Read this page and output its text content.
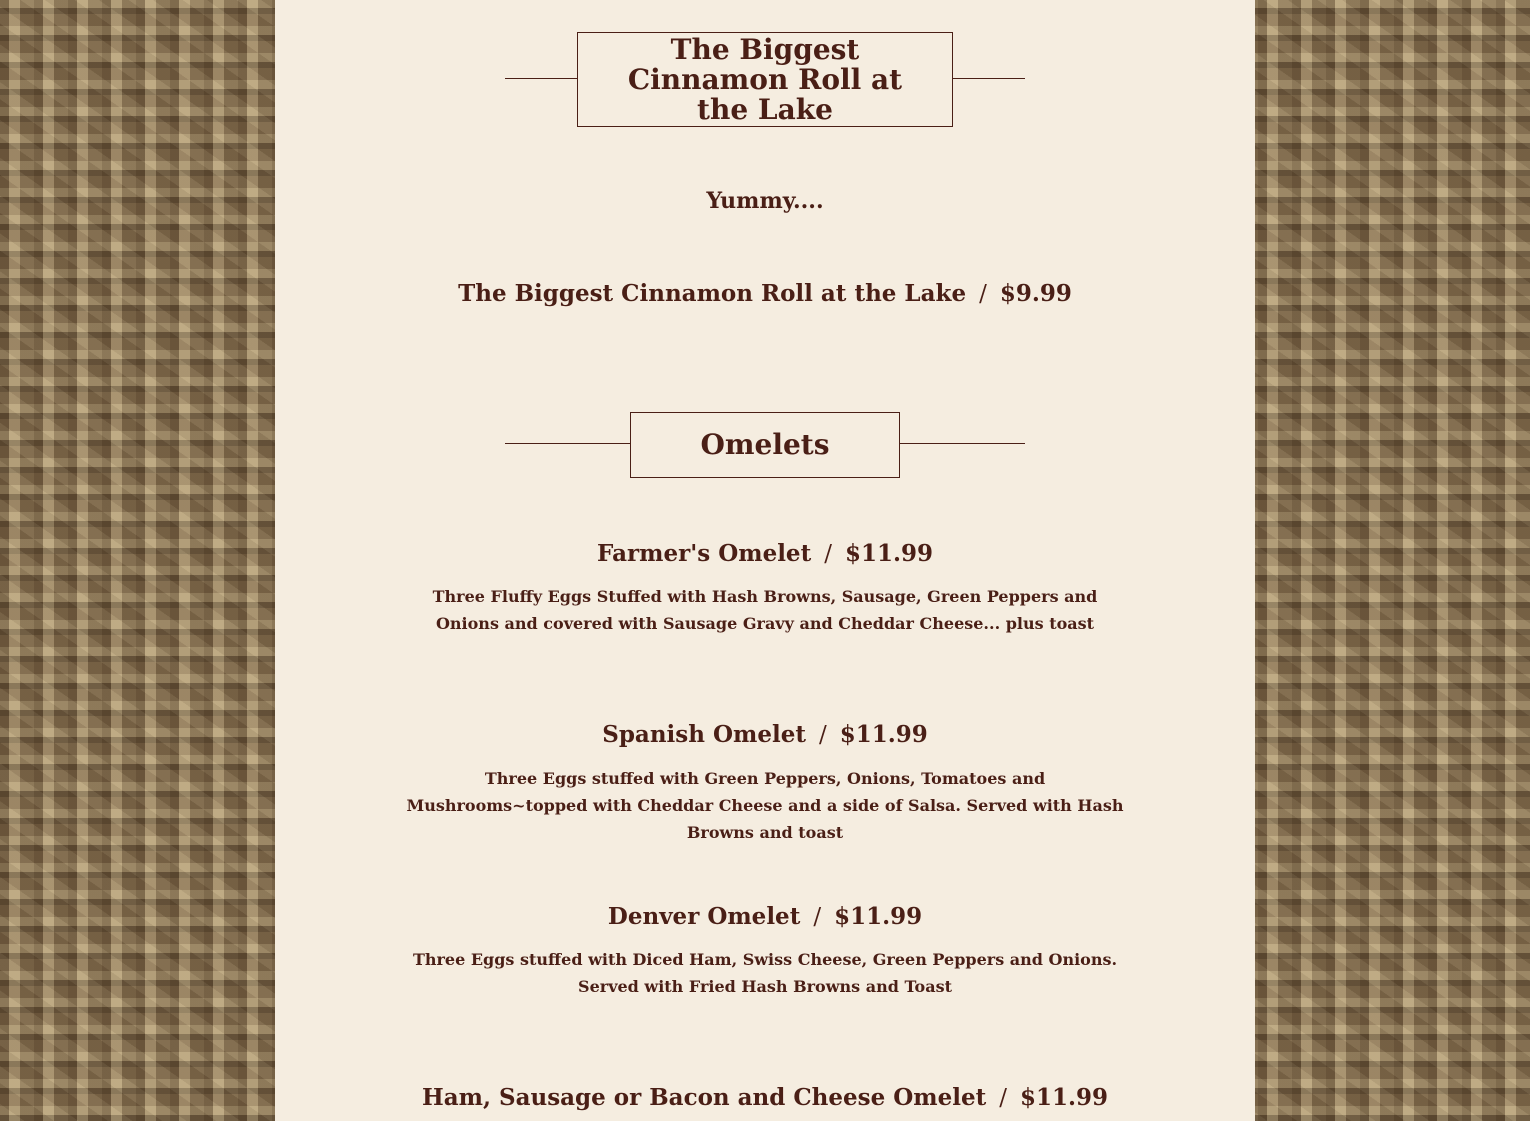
The Biggest Cinnamon Roll at the Lake
Yummy....
The Biggest Cinnamon Roll at the Lake / $9.99
Omelets
Farmer's Omelet / $11.99
Three Fluffy Eggs Stuffed with Hash Browns, Sausage, Green Peppers and Onions and covered with Sausage Gravy and Cheddar Cheese... plus toast
Spanish Omelet / $11.99
Three Eggs stuffed with Green Peppers, Onions, Tomatoes and Mushrooms~topped with Cheddar Cheese and a side of Salsa. Served with Hash Browns and toast
Denver Omelet / $11.99
Three Eggs stuffed with Diced Ham, Swiss Cheese, Green Peppers and Onions. Served with Fried Hash Browns and Toast
Ham, Sausage or Bacon and Cheese Omelet / $11.99
